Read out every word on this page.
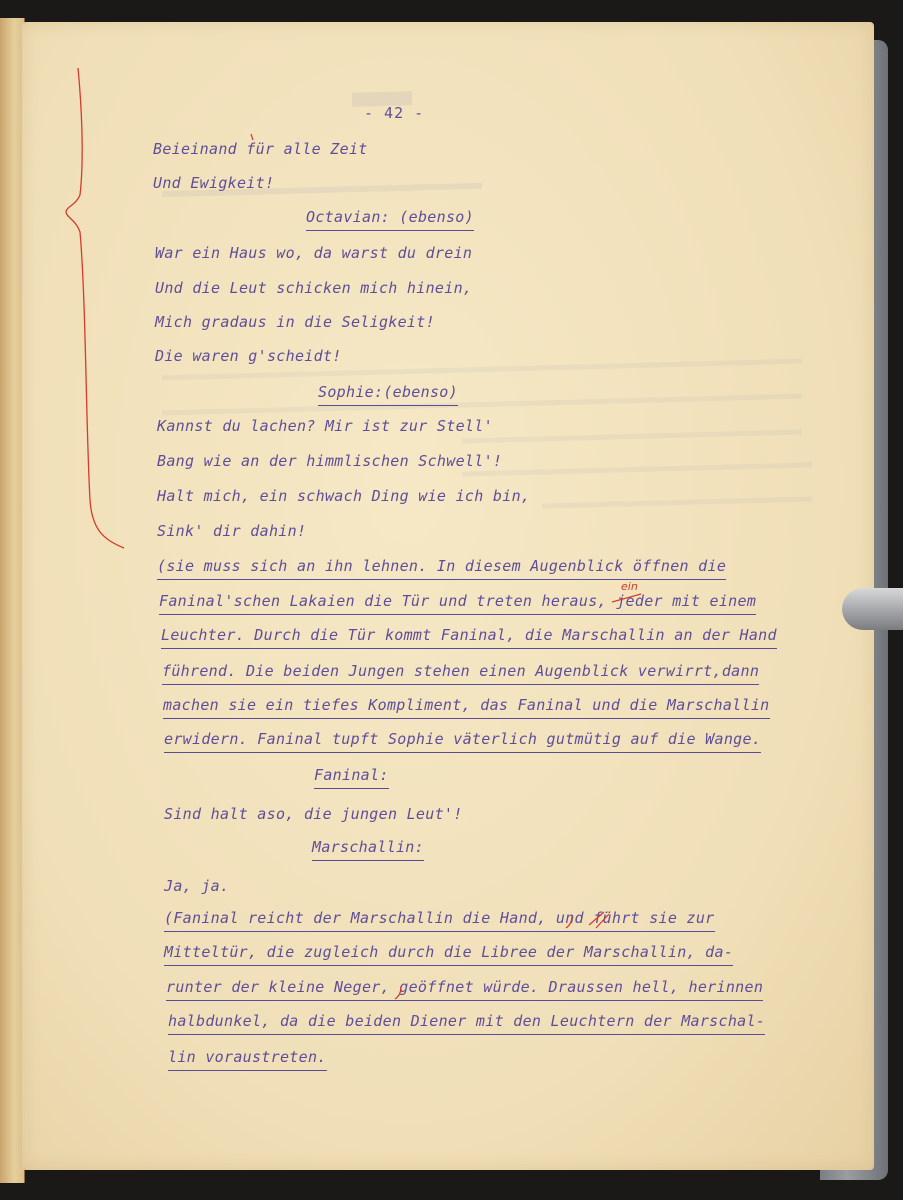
- 42 -
Beieinand für alle Zeit
Und Ewigkeit!
Octavian: (ebenso)
War ein Haus wo, da warst du drein
Und die Leut schicken mich hinein,
Mich gradaus in die Seligkeit!
Die waren g'scheidt!
Sophie:(ebenso)
Kannst du lachen? Mir ist zur Stell'
Bang wie an der himmlischen Schwell'!
Halt mich, ein schwach Ding wie ich bin,
Sink' dir dahin!
(sie muss sich an ihn lehnen. In diesem Augenblick öffnen die
Faninal'schen Lakaien die Tür und treten heraus, jeder mit einem
Leuchter. Durch die Tür kommt Faninal, die Marschallin an der Hand
führend. Die beiden Jungen stehen einen Augenblick verwirrt,dann
machen sie ein tiefes Kompliment, das Faninal und die Marschallin
erwidern. Faninal tupft Sophie väterlich gutmütig auf die Wange.
Faninal:
Sind halt aso, die jungen Leut'!
Marschallin:
Ja, ja.
(Faninal reicht der Marschallin die Hand, und führt sie zur
Mitteltür, die zugleich durch die Libree der Marschallin, da-
runter der kleine Neger, geöffnet würde. Draussen hell, herinnen
halbdunkel, da die beiden Diener mit den Leuchtern der Marschal-
lin voraustreten.
ein
